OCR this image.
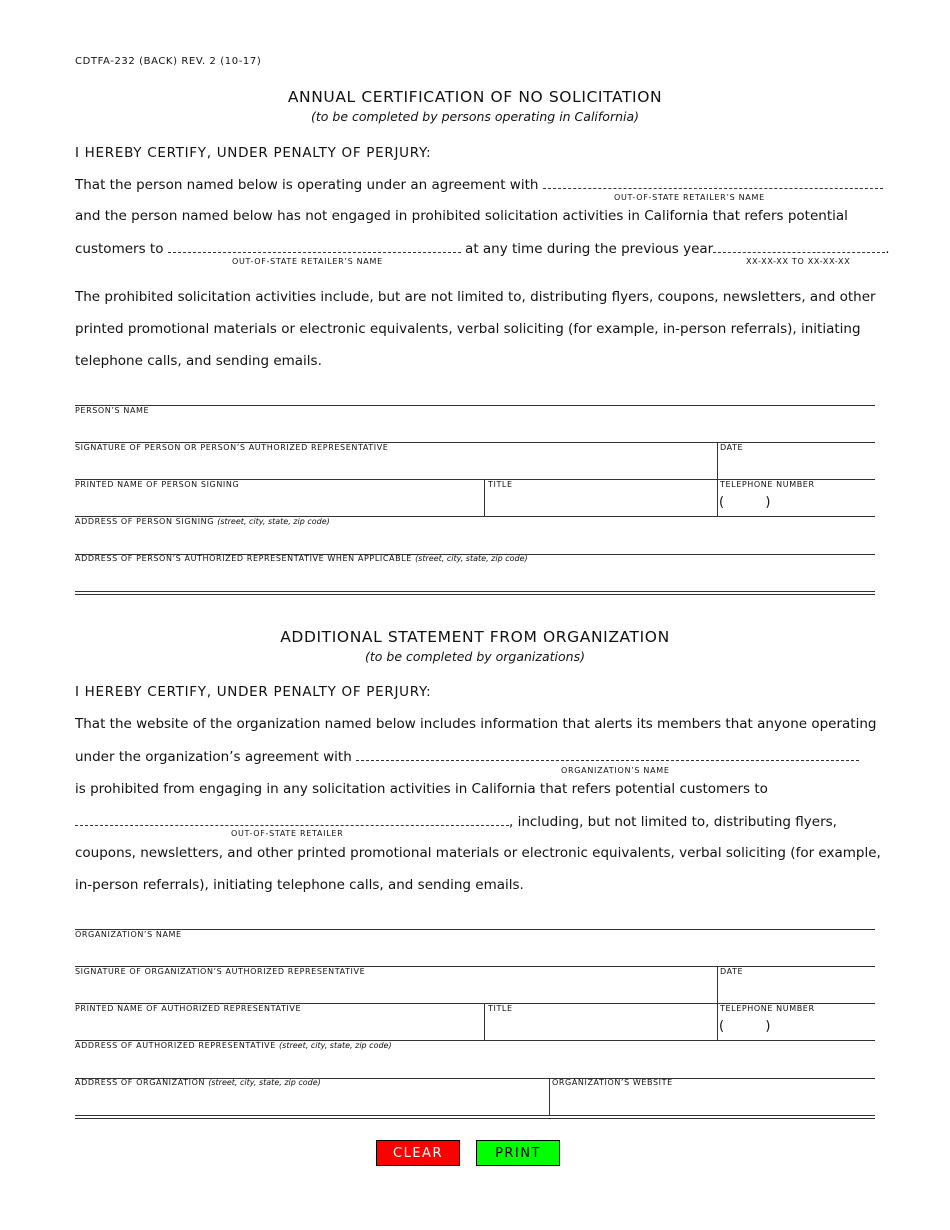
CDTFA-232 (BACK) REV. 2 (10-17)
ANNUAL CERTIFICATION OF NO SOLICITATION
(to be completed by persons operating in California)
I HEREBY CERTIFY, UNDER PENALTY OF PERJURY:
That the person named below is operating under an agreement with
OUT-OF-STATE RETAILER’S NAME
and the person named below has not engaged in prohibited solicitation activities in California that refers potential
customers to	at any time during the previous year	.
OUT-OF-STATE RETAILER’S NAME	XX-XX-XX TO XX-XX-XX
The prohibited solicitation activities include, but are not limited to, distributing flyers, coupons, newsletters, and other
printed promotional materials or electronic equivalents, verbal soliciting (for example, in-person referrals), initiating
telephone calls, and sending emails.
PERSON’S NAME
SIGNATURE OF PERSON OR PERSON’S AUTHORIZED REPRESENTATIVE	DATE
PRINTED NAME OF PERSON SIGNING	TITLE	TELEPHONE NUMBER
(          )
ADDRESS OF PERSON SIGNING (street, city, state, zip code)
ADDRESS OF PERSON’S AUTHORIZED REPRESENTATIVE WHEN APPLICABLE (street, city, state, zip code)
ADDITIONAL STATEMENT FROM ORGANIZATION
(to be completed by organizations)
I HEREBY CERTIFY, UNDER PENALTY OF PERJURY:
That the website of the organization named below includes information that alerts its members that anyone operating
under the organization’s agreement with
ORGANIZATION’S NAME
is prohibited from engaging in any solicitation activities in California that refers potential customers to
, including, but not limited to, distributing flyers,
OUT-OF-STATE RETAILER
coupons, newsletters, and other printed promotional materials or electronic equivalents, verbal soliciting (for example,
in-person referrals), initiating telephone calls, and sending emails.
ORGANIZATION’S NAME
SIGNATURE OF ORGANIZATION’S AUTHORIZED REPRESENTATIVE	DATE
PRINTED NAME OF AUTHORIZED REPRESENTATIVE	TITLE	TELEPHONE NUMBER
(          )
ADDRESS OF AUTHORIZED REPRESENTATIVE (street, city, state, zip code)
ADDRESS OF ORGANIZATION (street, city, state, zip code)	ORGANIZATION’S WEBSITE
CLEAR	PRINT
